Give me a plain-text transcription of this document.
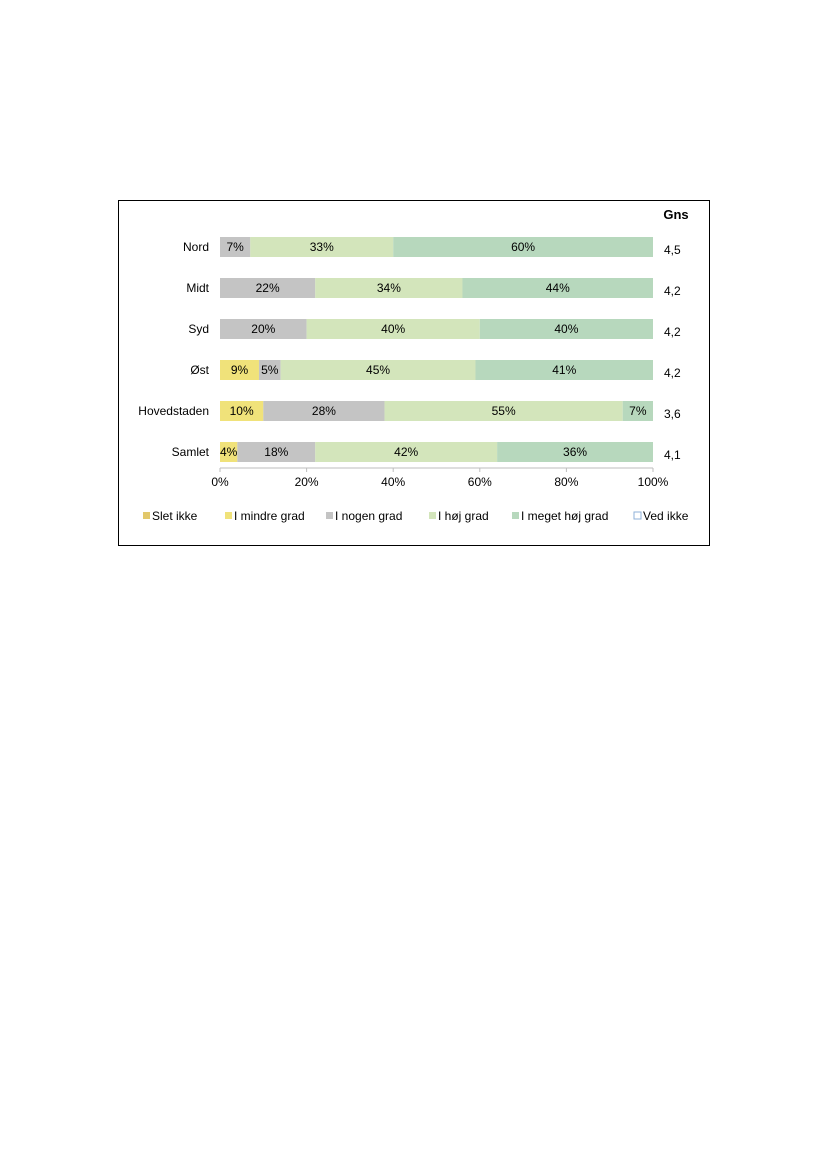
Gns
7%	33%	60%
22%	34%	44%
20%	40%	40%
9% 5%	45%	41%
10%	28%	55%	7%
4% 18%	42%	36%
Nord
Midt
Syd
Øst
Hovedstaden
Samlet
4,5
4,2
4,2
4,2
3,6
4,1
0%	20%	40%	60%	80%	100%
Slet ikke	I mindre grad	I nogen grad	I høj grad	I meget høj grad	Ved ikke
